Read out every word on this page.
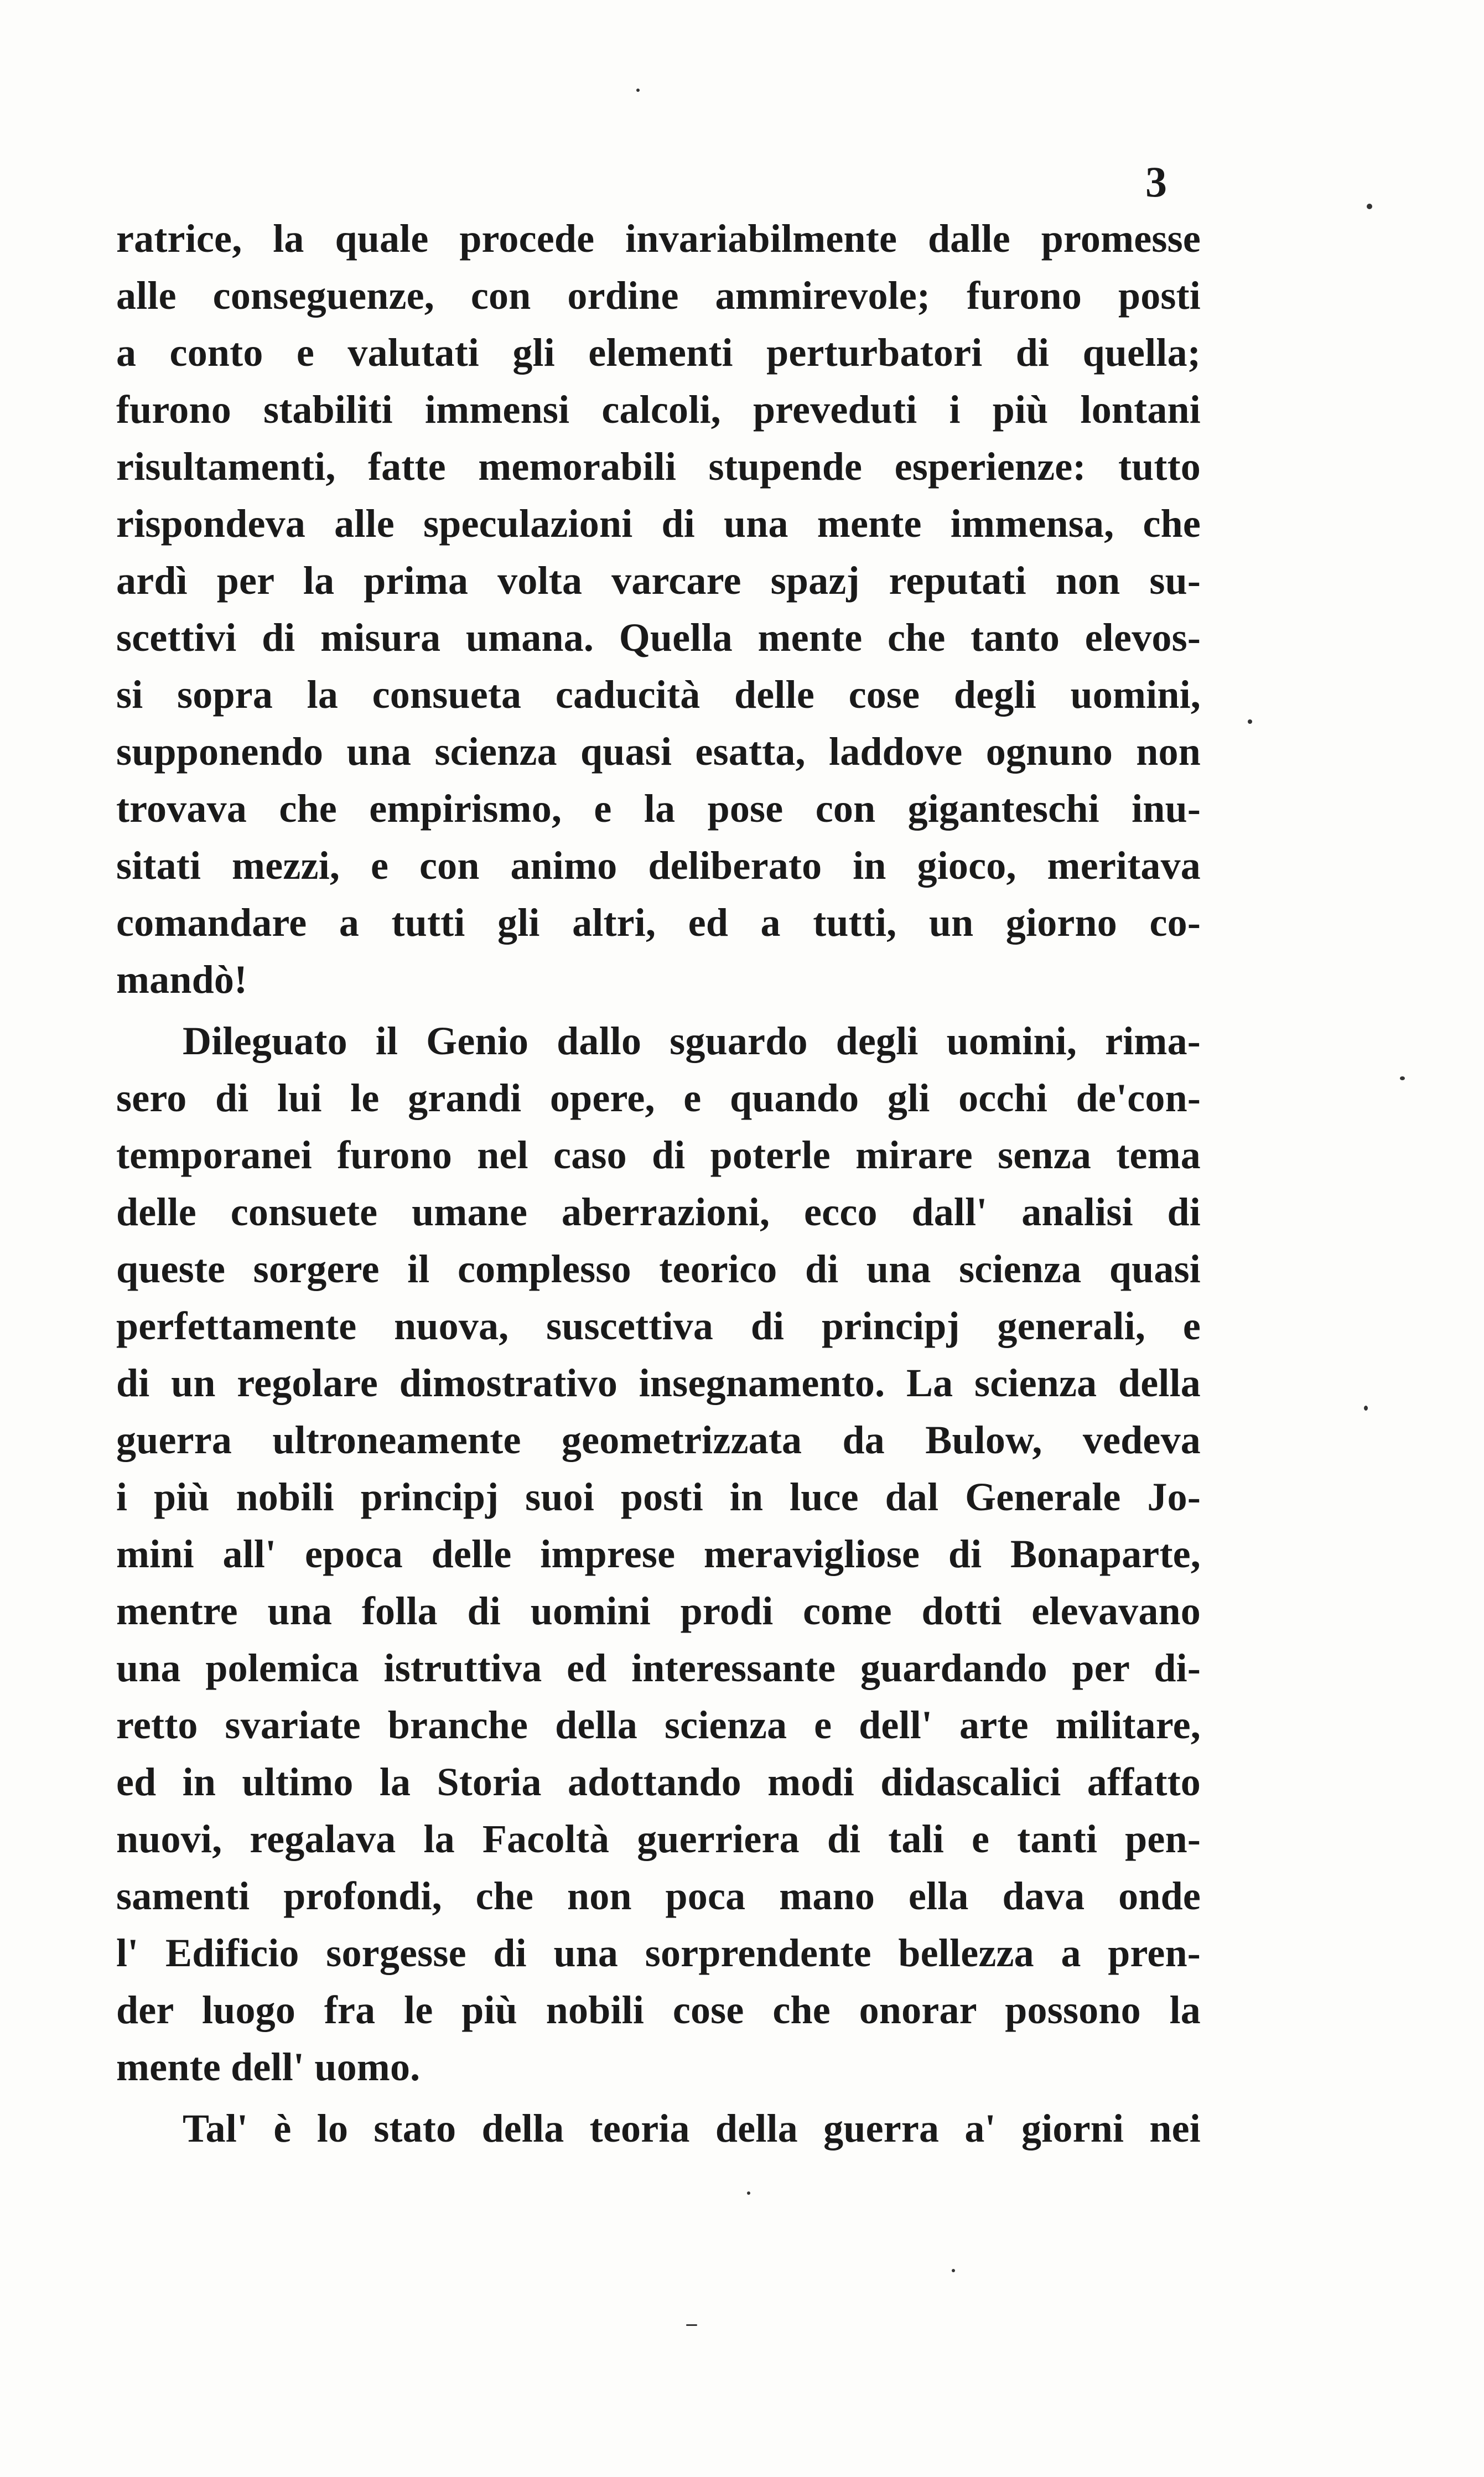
3
ratrice, la quale procede invariabilmente dalle promesse
alle conseguenze, con ordine ammirevole; furono posti
a conto e valutati gli elementi perturbatori di quella;
furono stabiliti immensi calcoli, preveduti i più lontani
risultamenti, fatte memorabili stupende esperienze: tutto
rispondeva alle speculazioni di una mente immensa, che
ardì per la prima volta varcare spazj reputati non su-
scettivi di misura umana. Quella mente che tanto elevos-
si sopra la consueta caducità delle cose degli uomini,
supponendo una scienza quasi esatta, laddove ognuno non
trovava che empirismo, e la pose con giganteschi inu-
sitati mezzi, e con animo deliberato in gioco, meritava
comandare a tutti gli altri, ed a tutti, un giorno co-
mandò!
Dileguato il Genio dallo sguardo degli uomini, rima-
sero di lui le grandi opere, e quando gli occhi de'con-
temporanei furono nel caso di poterle mirare senza tema
delle consuete umane aberrazioni, ecco dall' analisi di
queste sorgere il complesso teorico di una scienza quasi
perfettamente nuova, suscettiva di principj generali, e
di un regolare dimostrativo insegnamento. La scienza della
guerra ultroneamente geometrizzata da Bulow, vedeva
i più nobili principj suoi posti in luce dal Generale Jo-
mini all' epoca delle imprese meravigliose di Bonaparte,
mentre una folla di uomini prodi come dotti elevavano
una polemica istruttiva ed interessante guardando per di-
retto svariate branche della scienza e dell' arte militare,
ed in ultimo la Storia adottando modi didascalici affatto
nuovi, regalava la Facoltà guerriera di tali e tanti pen-
samenti profondi, che non poca mano ella dava onde
l' Edificio sorgesse di una sorprendente bellezza a pren-
der luogo fra le più nobili cose che onorar possono la
mente dell' uomo.
Tal' è lo stato della teoria della guerra a' giorni nei
